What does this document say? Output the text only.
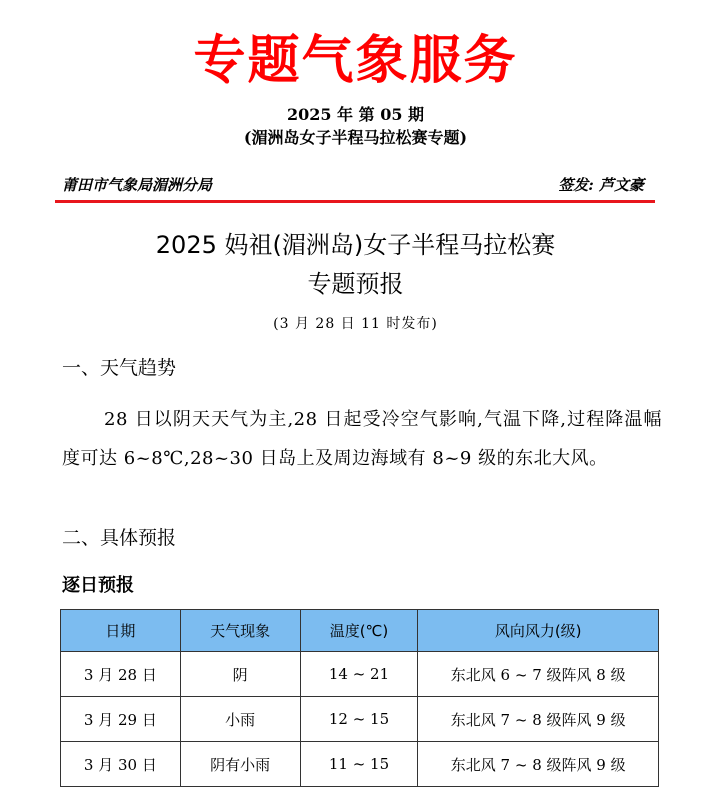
专题气象服务
2025 年 第 05 期
(湄洲岛女子半程马拉松赛专题)
莆田市气象局湄洲分局	签发: 芦文豪
2025 妈祖(湄洲岛)女子半程马拉松赛
专题预报
(3 月 28 日 11 时发布)
一、天气趋势
28 日以阴天天气为主,28 日起受冷空气影响,气温下降,过程降温幅度可达 6~8℃,28~30 日岛上及周边海域有 8~9 级的东北大风。
二、具体预报
逐日预报
日期	天气现象	温度(℃)	风向风力(级)
3 月 28 日	阴	14 ~ 21	东北风 6 ~ 7 级阵风 8 级
3 月 29 日	小雨	12 ~ 15	东北风 7 ~ 8 级阵风 9 级
3 月 30 日	阴有小雨	11 ~ 15	东北风 7 ~ 8 级阵风 9 级
